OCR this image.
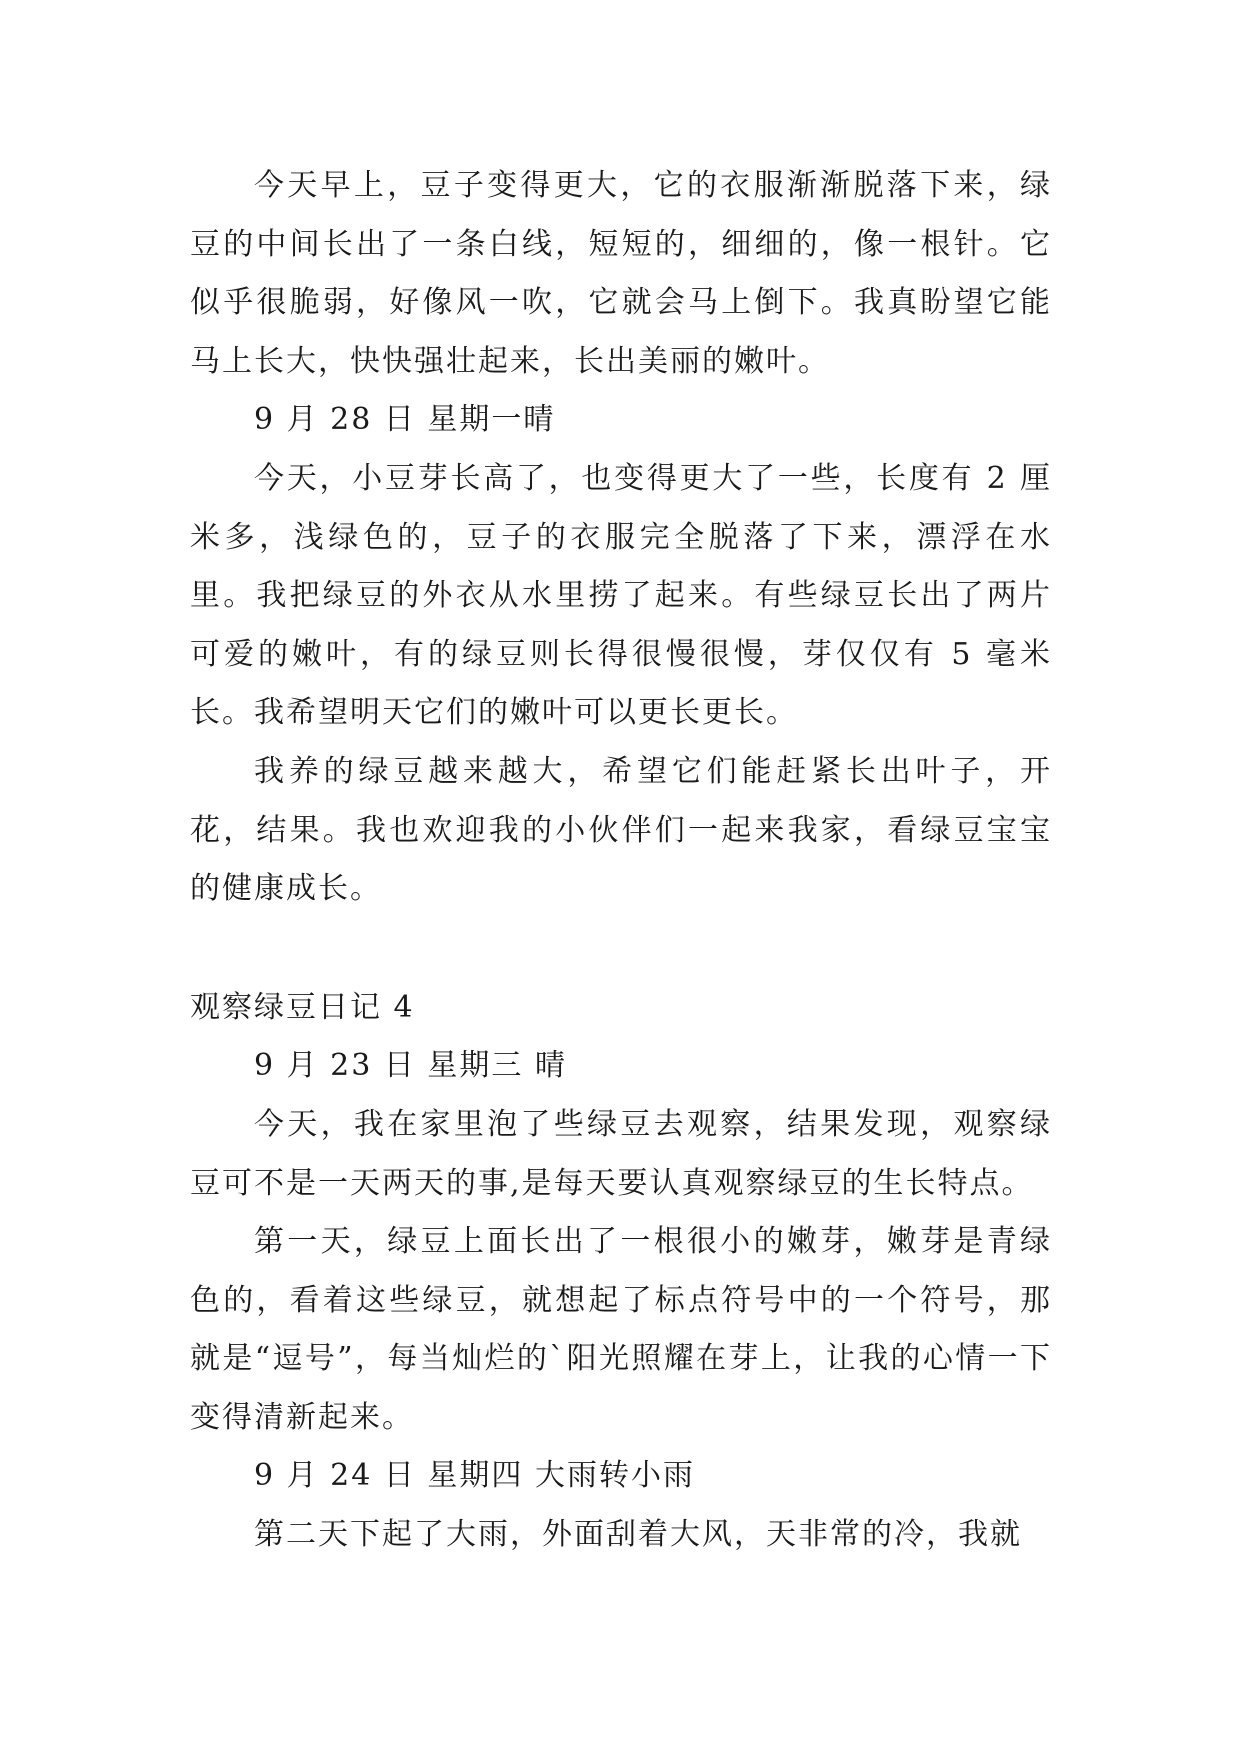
今天早上，豆子变得更大，它的衣服渐渐脱落下来，绿豆的中间长出了一条白线，短短的，细细的，像一根针。它似乎很脆弱，好像风一吹，它就会马上倒下。我真盼望它能马上长大，快快强壮起来，长出美丽的嫩叶。

9 月 28 日 星期一晴

今天，小豆芽长高了，也变得更大了一些，长度有 2 厘米多，浅绿色的，豆子的衣服完全脱落了下来，漂浮在水里。我把绿豆的外衣从水里捞了起来。有些绿豆长出了两片可爱的嫩叶，有的绿豆则长得很慢很慢，芽仅仅有 5 毫米长。我希望明天它们的嫩叶可以更长更长。

我养的绿豆越来越大，希望它们能赶紧长出叶子，开花，结果。我也欢迎我的小伙伴们一起来我家，看绿豆宝宝的健康成长。

观察绿豆日记 4

9 月 23 日 星期三 晴

今天，我在家里泡了些绿豆去观察，结果发现，观察绿豆可不是一天两天的事,是每天要认真观察绿豆的生长特点。

第一天，绿豆上面长出了一根很小的嫩芽，嫩芽是青绿色的，看着这些绿豆，就想起了标点符号中的一个符号，那就是“逗号”，每当灿烂的`阳光照耀在芽上，让我的心情一下变得清新起来。

9 月 24 日 星期四 大雨转小雨

第二天下起了大雨，外面刮着大风，天非常的冷，我就
